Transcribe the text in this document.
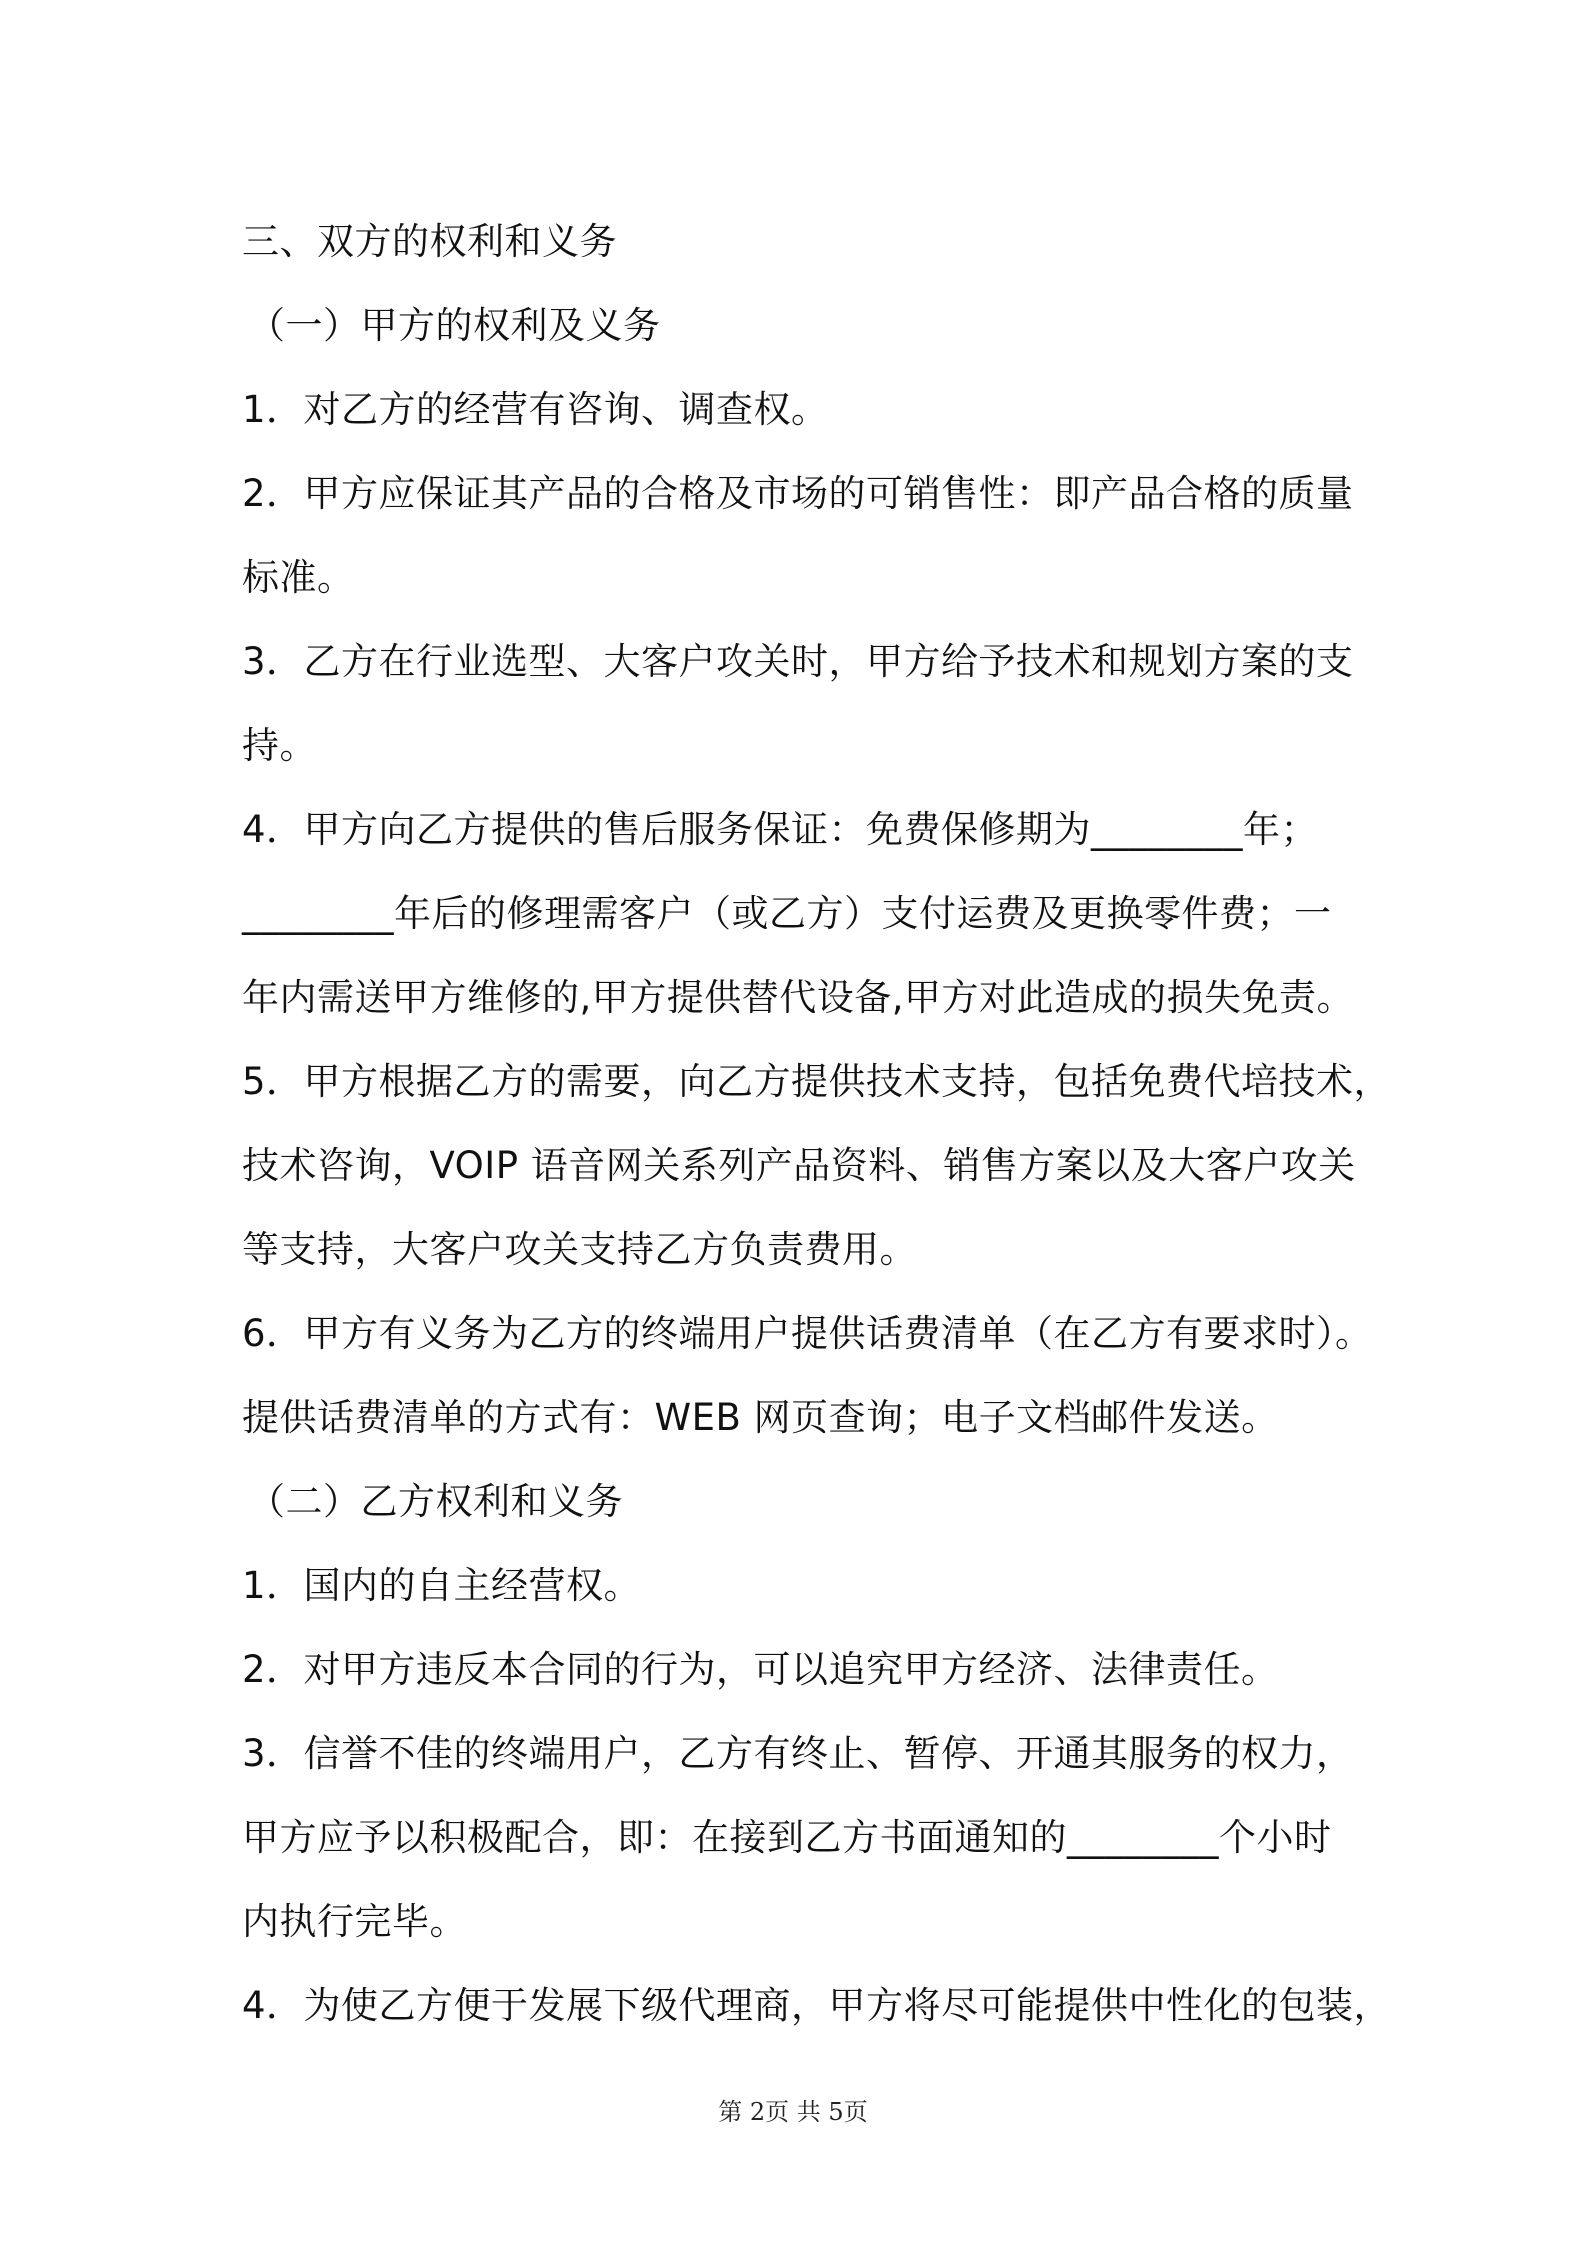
三、双方的权利和义务
（一）甲方的权利及义务
1．对乙方的经营有咨询、调查权。
2．甲方应保证其产品的合格及市场的可销售性：即产品合格的质量
标准。
3．乙方在行业选型、大客户攻关时，甲方给予技术和规划方案的支
持。
4．甲方向乙方提供的售后服务保证：免费保修期为________年；
________年后的修理需客户（或乙方）支付运费及更换零件费；一
年内需送甲方维修的,甲方提供替代设备,甲方对此造成的损失免责。
5．甲方根据乙方的需要，向乙方提供技术支持，包括免费代培技术，
技术咨询，VOIP 语音网关系列产品资料、销售方案以及大客户攻关
等支持，大客户攻关支持乙方负责费用。
6．甲方有义务为乙方的终端用户提供话费清单（在乙方有要求时）。
提供话费清单的方式有：WEB 网页查询；电子文档邮件发送。
（二）乙方权利和义务
1．国内的自主经营权。
2．对甲方违反本合同的行为，可以追究甲方经济、法律责任。
3．信誉不佳的终端用户，乙方有终止、暂停、开通其服务的权力，
甲方应予以积极配合，即：在接到乙方书面通知的________个小时
内执行完毕。
4．为使乙方便于发展下级代理商，甲方将尽可能提供中性化的包装，
第 2页 共 5页
